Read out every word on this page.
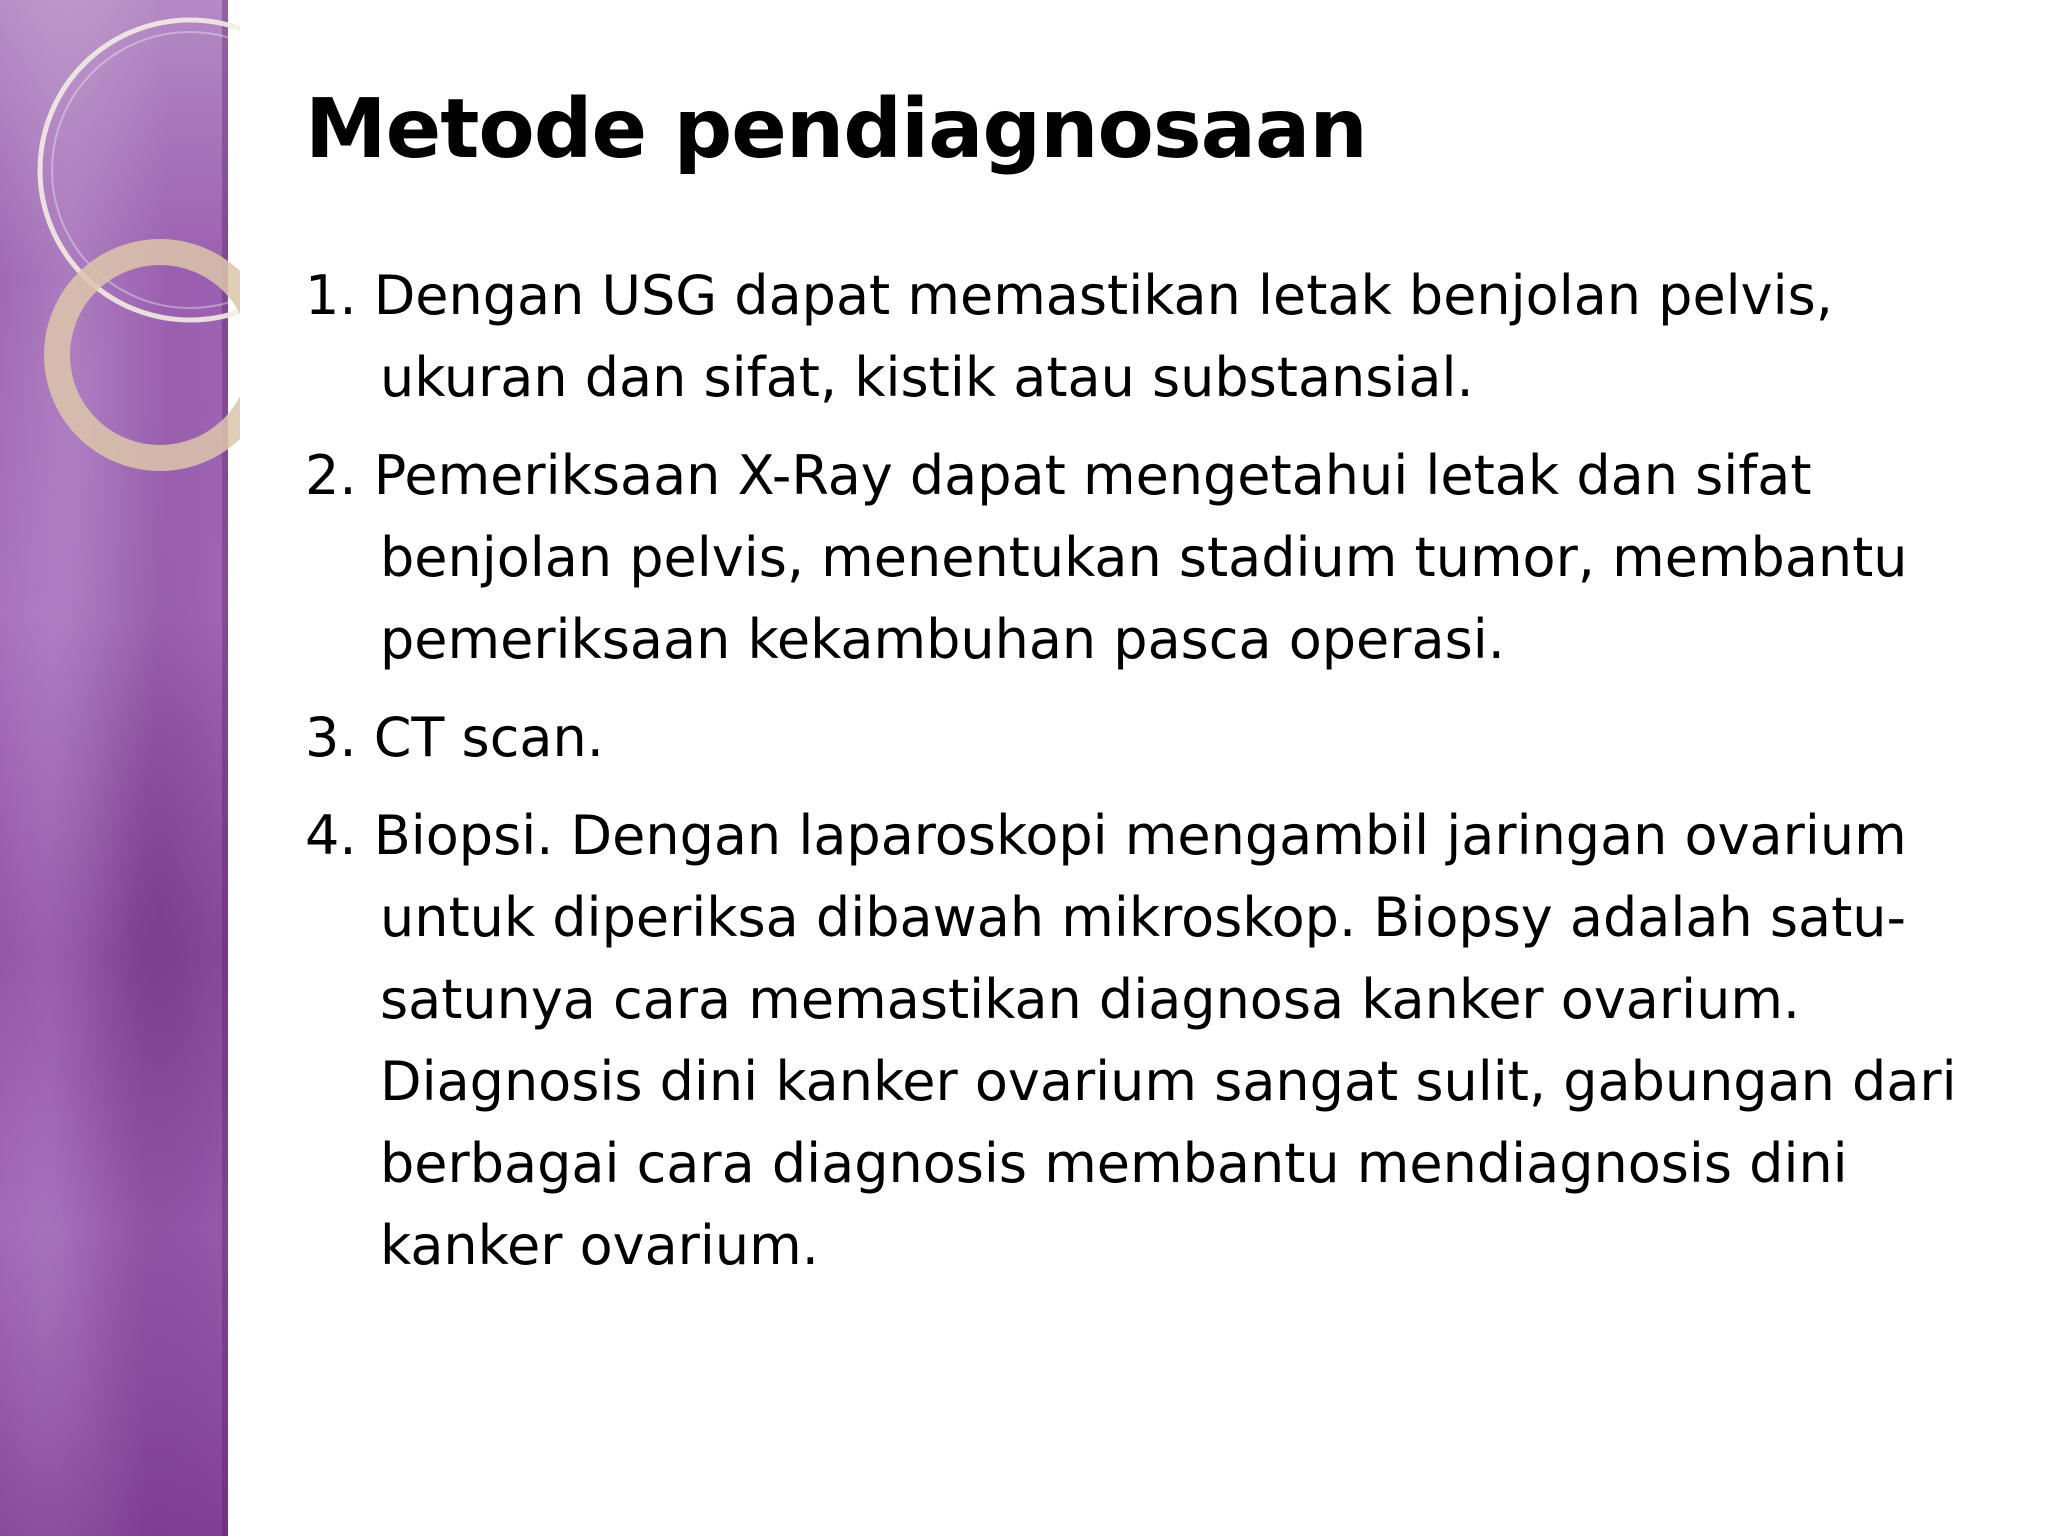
Metode pendiagnosaan
1. Dengan USG dapat memastikan letak benjolan pelvis, ukuran dan sifat, kistik atau substansial.
2. Pemeriksaan X-Ray dapat mengetahui letak dan sifat benjolan pelvis, menentukan stadium tumor, membantu pemeriksaan kekambuhan pasca operasi.
3. CT scan.
4. Biopsi. Dengan laparoskopi mengambil jaringan ovarium untuk diperiksa dibawah mikroskop. Biopsy adalah satu-satunya cara memastikan diagnosa kanker ovarium. Diagnosis dini kanker ovarium sangat sulit, gabungan dari berbagai cara diagnosis membantu mendiagnosis dini kanker ovarium.
